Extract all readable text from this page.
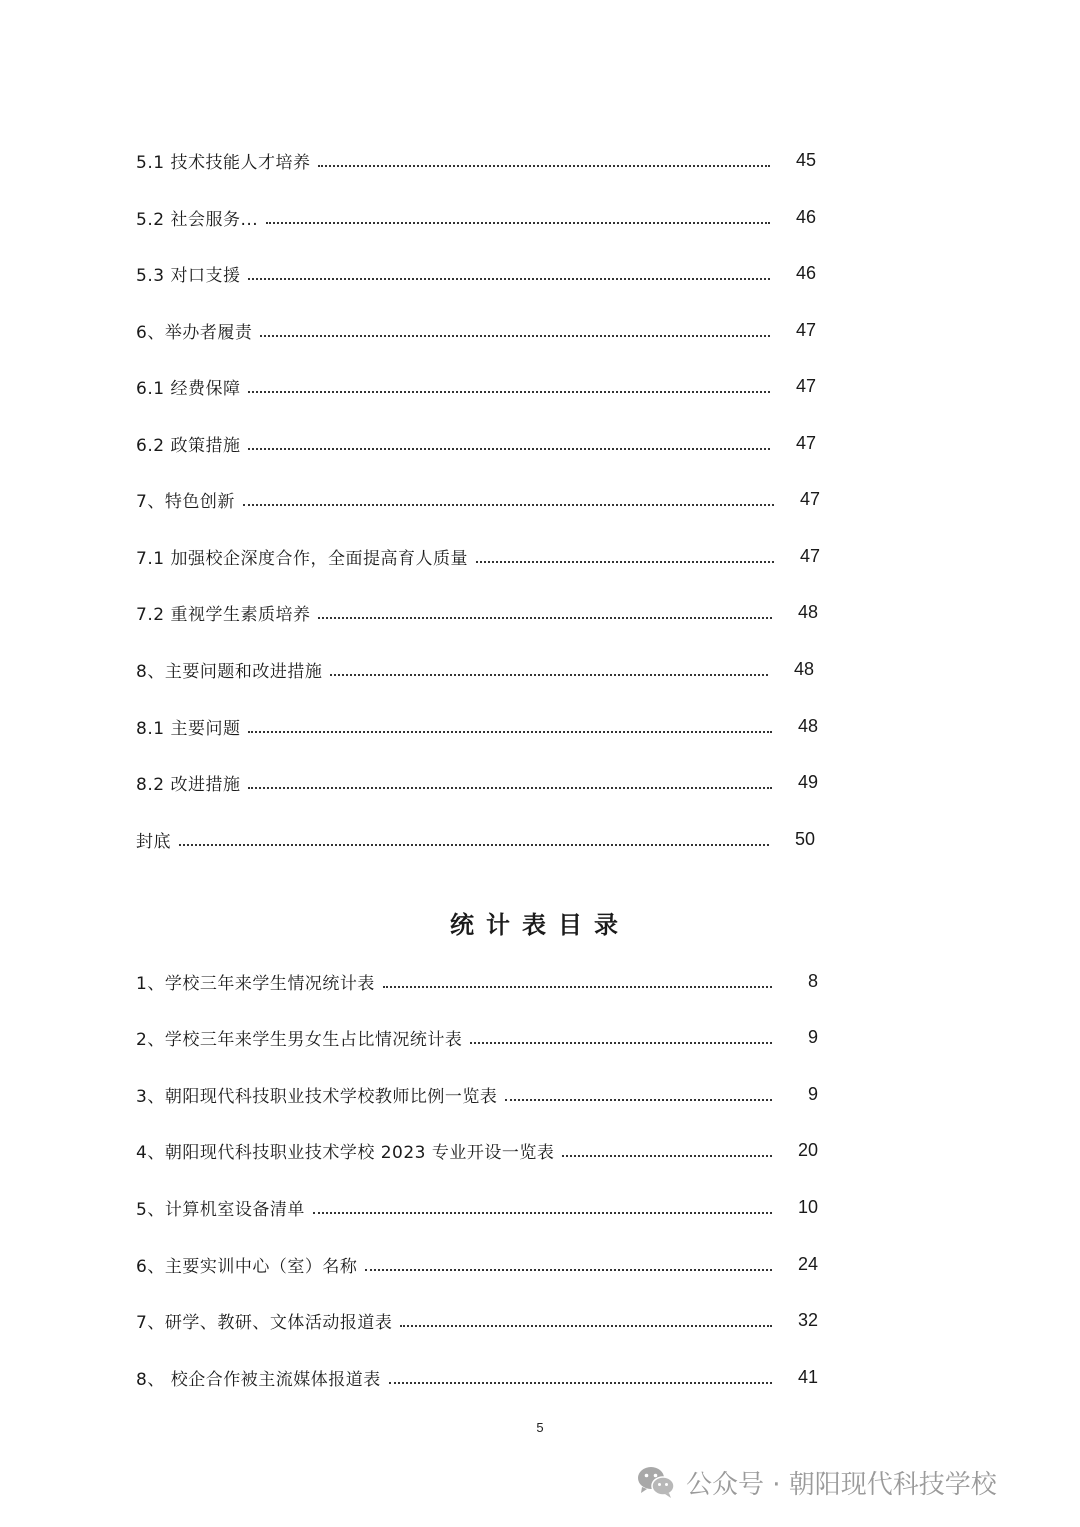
5.1 技术技能人才培养	45
5.2 社会服务...	46
5.3 对口支援	46
6、举办者履责	47
6.1 经费保障	47
6.2 政策措施	47
7、特色创新	47
7.1 加强校企深度合作，全面提高育人质量	47
7.2 重视学生素质培养	48
8、主要问题和改进措施	48
8.1 主要问题	48
8.2 改进措施	49
封底	50
统计表目录
1、学校三年来学生情况统计表	8
2、学校三年来学生男女生占比情况统计表	9
3、朝阳现代科技职业技术学校教师比例一览表	9
4、朝阳现代科技职业技术学校 2023 专业开设一览表	20
5、计算机室设备清单	10
6、主要实训中心（室）名称	24
7、研学、教研、文体活动报道表	32
8、 校企合作被主流媒体报道表	41
5
公众号 · 朝阳现代科技学校
